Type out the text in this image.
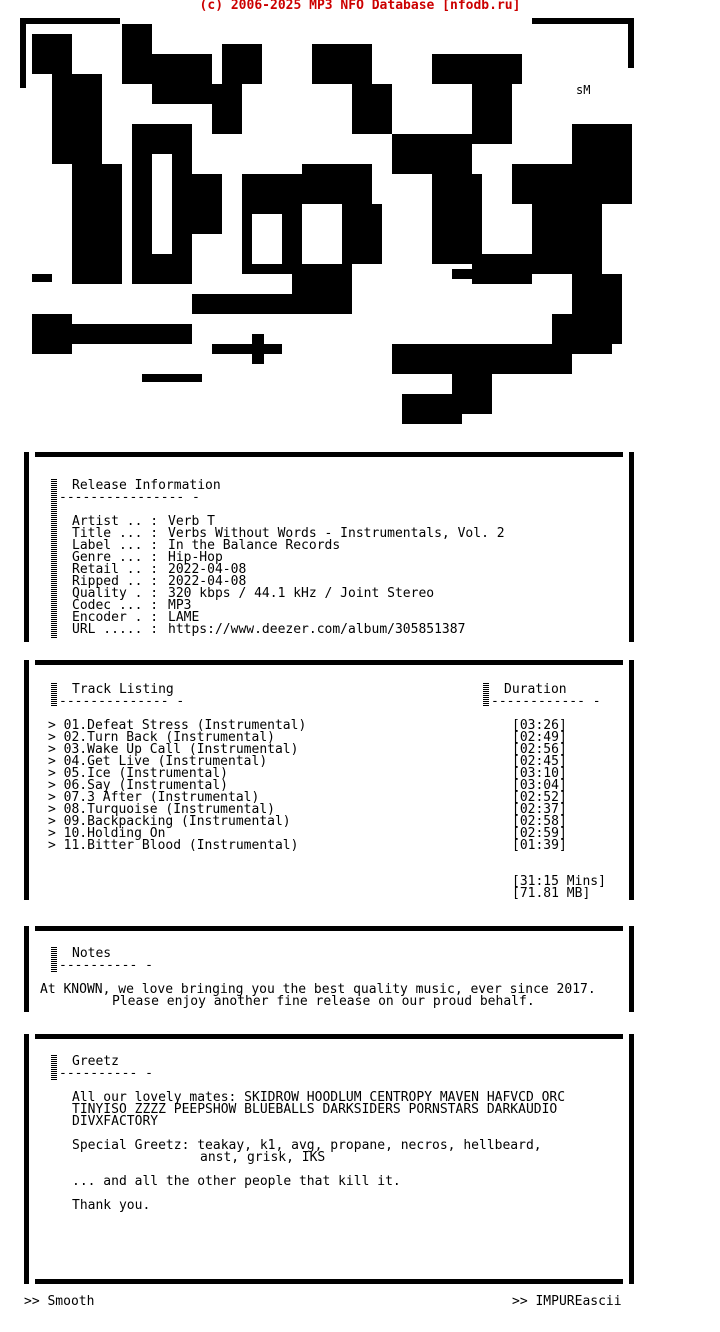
(c) 2006-2025 MP3 NFO Database [nfodb.ru]
sM
Release Information
---------------- -
Artist .. : Verb T
Title ... : Verbs Without Words - Instrumentals, Vol. 2
Label ... : In the Balance Records
Genre ... : Hip-Hop
Retail .. : 2022-04-08
Ripped .. : 2022-04-08
Quality . : 320 kbps / 44.1 kHz / Joint Stereo
Codec ... : MP3
Encoder . : LAME
URL ..... : https://www.deezer.com/album/305851387
Track Listing
-------------- -
Duration
------------ -
> 01.Defeat Stress (Instrumental)	[03:26]
> 02.Turn Back (Instrumental)	[02:49]
> 03.Wake Up Call (Instrumental)	[02:56]
> 04.Get Live (Instrumental)	[02:45]
> 05.Ice (Instrumental)	[03:10]
> 06.Say (Instrumental)	[03:04]
> 07.3 After (Instrumental)	[02:52]
> 08.Turquoise (Instrumental)	[02:37]
> 09.Backpacking (Instrumental)	[02:58]
> 10.Holding On	[02:59]
> 11.Bitter Blood (Instrumental)	[01:39]
[31:15 Mins]
[71.81 MB]
Notes
---------- -
At KNOWN, we love bringing you the best quality music, ever since 2017.
Please enjoy another fine release on our proud behalf.
Greetz
---------- -
All our lovely mates: SKIDROW HOODLUM CENTROPY MAVEN HAFVCD ORC
TINYISO ZZZZ PEEPSHOW BLUEBALLS DARKSIDERS PORNSTARS DARKAUDIO
DIVXFACTORY
Special Greetz: teakay, k1, avg, propane, necros, hellbeard,
anst, grisk, IKS
... and all the other people that kill it.
Thank you.
>> Smooth	>> IMPUREascii
